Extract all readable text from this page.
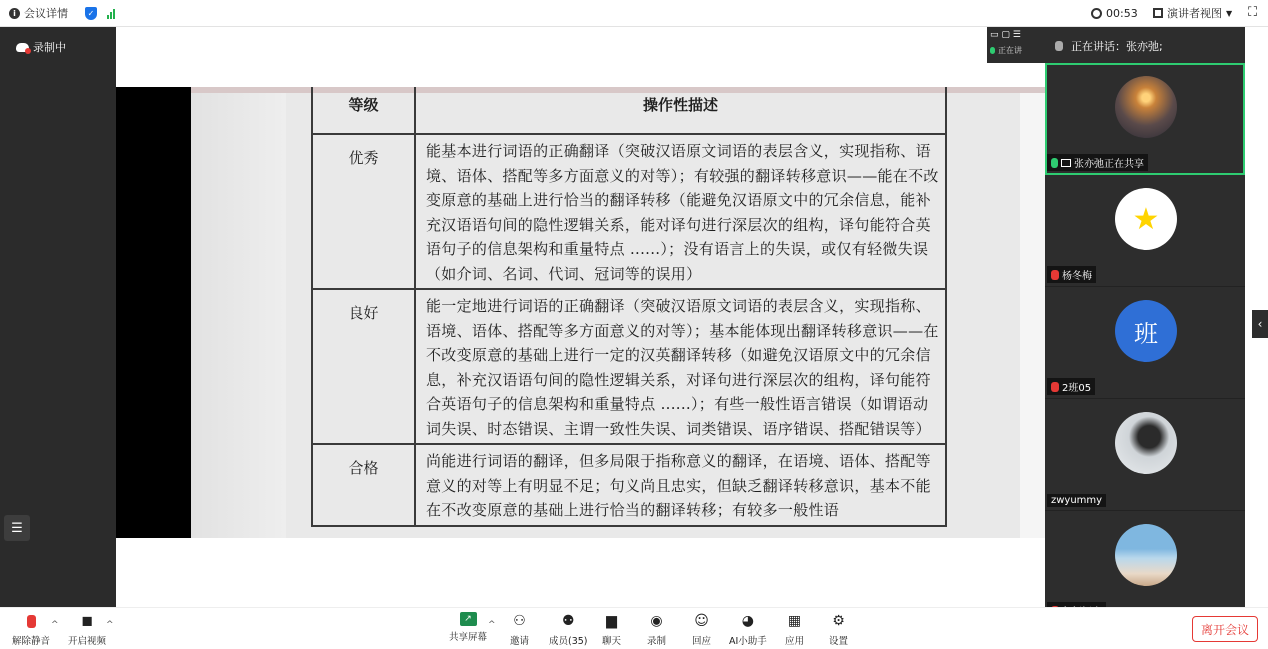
i 会议详情	✓	00:53	演讲者视图 ▼ ⛶
录制中
☰
等级	操作性描述
优秀	能基本进行词语的正确翻译（突破汉语原文词语的表层含义，实现指称、语境、语体、搭配等多方面意义的对等）；有较强的翻译转移意识——能在不改变原意的基础上进行恰当的翻译转移（能避免汉语原文中的冗余信息，能补充汉语语句间的隐性逻辑关系，能对译句进行深层次的组构，译句能符合英语句子的信息架构和重量特点 ......）；没有语言上的失误，或仅有轻微失误（如介词、名词、代词、冠词等的误用）
良好	能一定地进行词语的正确翻译（突破汉语原文词语的表层含义，实现指称、语境、语体、搭配等多方面意义的对等）；基本能体现出翻译转移意识——在不改变原意的基础上进行一定的汉英翻译转移（如避免汉语原文中的冗余信息，补充汉语语句间的隐性逻辑关系，对译句进行深层次的组构，译句能符合英语句子的信息架构和重量特点 ......）；有些一般性语言错误（如谓语动词失误、时态错误、主谓一致性失误、词类错误、语序错误、搭配错误等）
合格	尚能进行词语的翻译，但多局限于指称意义的翻译，在语境、语体、搭配等意义的对等上有明显不足；句义尚且忠实，但缺乏翻译转移意识，基本不能在不改变原意的基础上进行恰当的翻译转移；有较多一般性语
▭ ▢ ☰
正在讲	正在讲话：张亦弛;
张亦弛正在共享
★
杨冬梅
班
2班05
zwyummy
‹
解除静音
^ ◼
开启视频
^
↗
共享屏幕
^ ⚇
邀请
⚉
成员(35)
▆
聊天
◉
录制
☺
回应
◕
AI小助手
▦
应用
⚙
设置
离开会议
